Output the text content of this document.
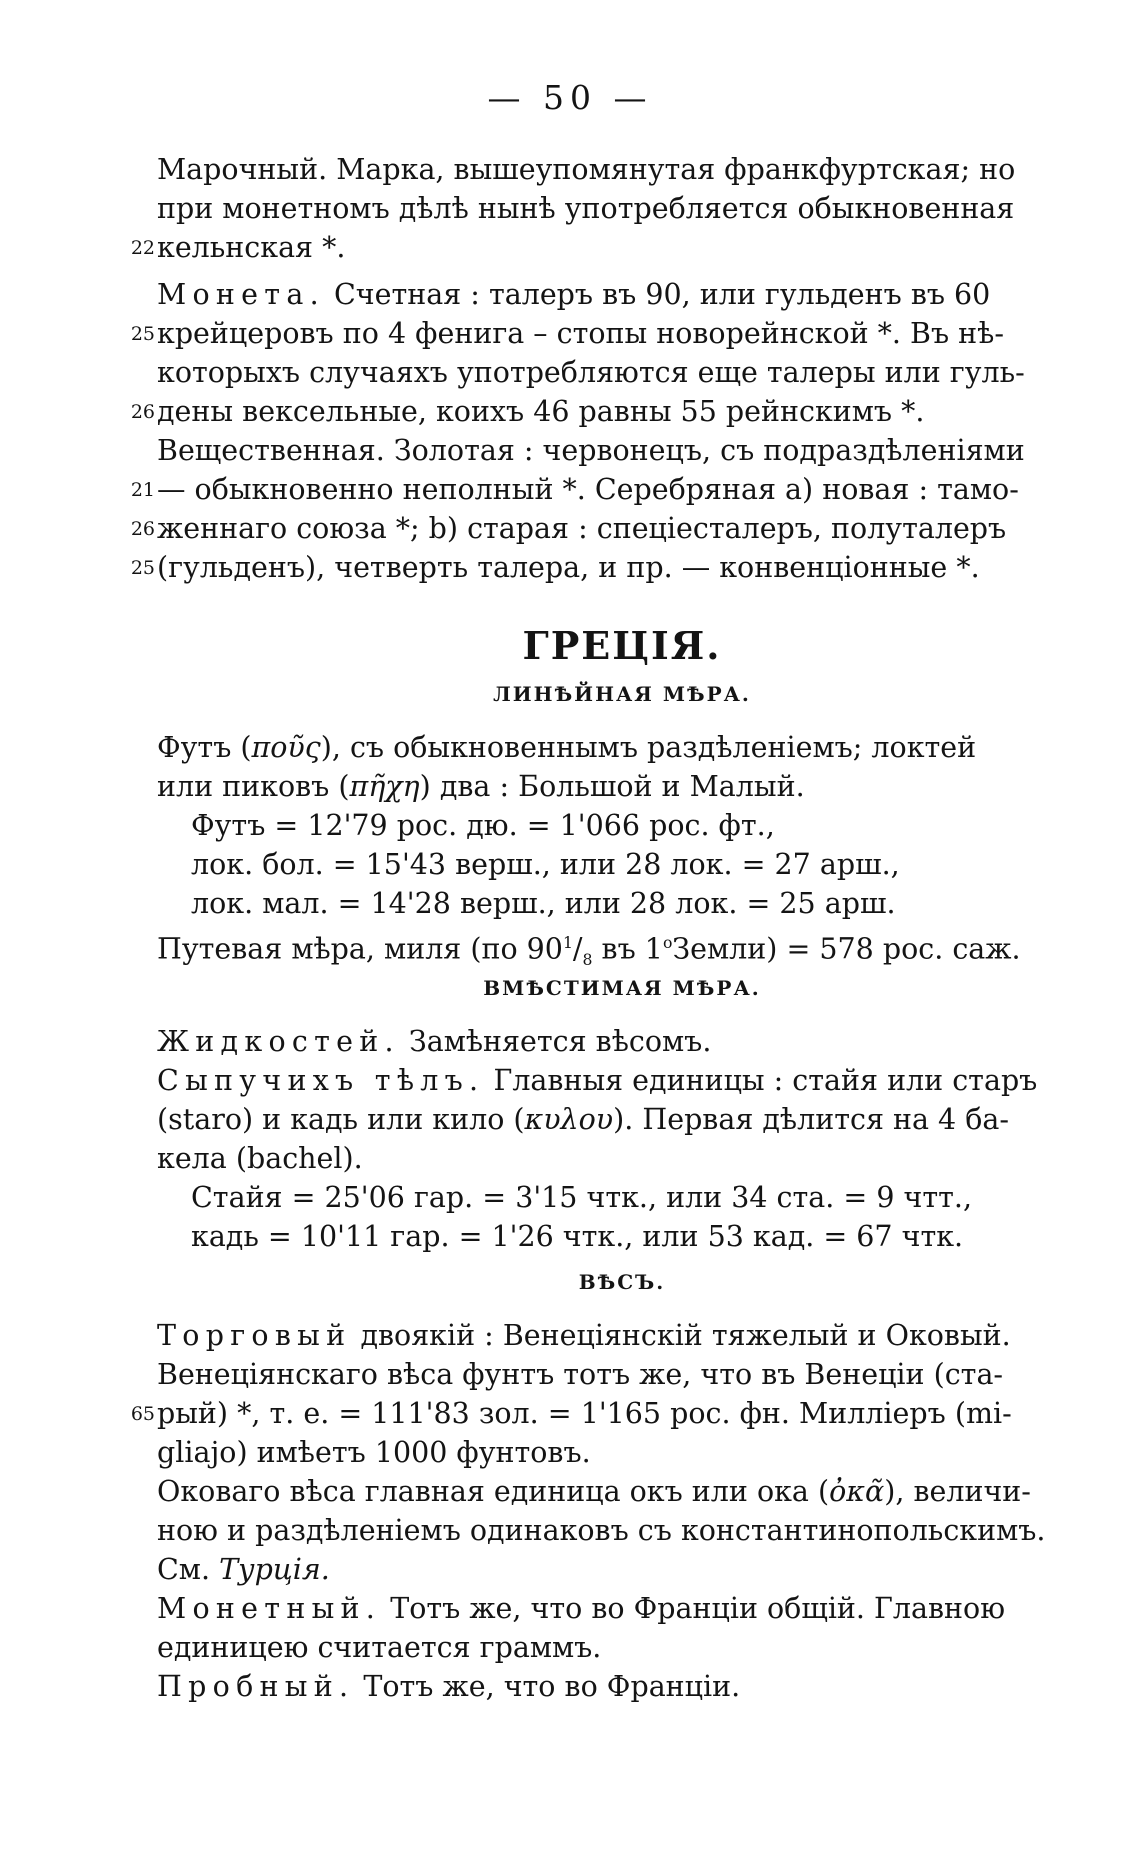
— 50 —
Марочный. Марка, вышеупомянутая франкфуртская; но
при монетномъ дѣлѣ нынѣ употребляется обыкновенная
22 кельнская *.
Монета. Счетная : талеръ въ 90, или гульденъ въ 60
25 крейцеровъ по 4 фенига – стопы новорейнской *. Въ нѣ-
которыхъ случаяхъ употребляются еще талеры или гуль-
26 дены вексельные, коихъ 46 равны 55 рейнскимъ *.
Вещественная. Золотая : червонецъ, съ подраздѣленіями
21 — обыкновенно неполный *. Серебряная а) новая : тамо-
26 женнаго союза *; b) старая : спецiесталеръ, полуталеръ
25 (гульденъ), четверть талера, и пр. — конвенціонные *.
ГРЕЦІЯ.
ЛИНѢЙНАЯ МѢРА.
Футъ (ποῦς), съ обыкновеннымъ раздѣленіемъ; локтей
или пиковъ (πῆχη) два : Большой и Малый.
Футъ = 12'79 рос. дю. = 1'066 рос. фт.,
лок. бол. = 15'43 верш., или 28 лок. = 27 арш.,
лок. мал. = 14'28 верш., или 28 лок. = 25 арш.
Путевая мѣра, миля (по $90^1/_8$ въ $1^оЗемли) = 578$ рос. саж.
ВМѢСТИМАЯ МѢРА.
Жидкостей. Замѣняется вѣсомъ.
Сыпучихъ тѣлъ. Главныя единицы : стайя или старъ
(staro) и кадь или кило (κυλου). Первая дѣлится на 4 ба-
кела (bachel).
Стайя = 25'06 гар. = 3'15 чтк., или 34 ста. = 9 чтт.,
кадь = 10'11 гар. = 1'26 чтк., или 53 кад. = 67 чтк.
ВѢСЪ.
Торговый двоякій : Венеціянскій тяжелый и Оковый.
Венеціянскаго вѣса фунтъ тотъ же, что въ Венеціи (ста-
65 рый) *, т. е. = 111'83 зол. = 1'165 рос. фн. Миллiеръ (mi-
gliajo) имѣетъ 1000 фунтовъ.
Оковаго вѣса главная единица окъ или ока (ὀκᾶ), величи-
ною и раздѣленіемъ одинаковъ съ константинопольскимъ.
См. Турція.
Монетный. Тотъ же, что во Франціи общій. Главною
единицею считается граммъ.
Пробный. Тотъ же, что во Франціи.
